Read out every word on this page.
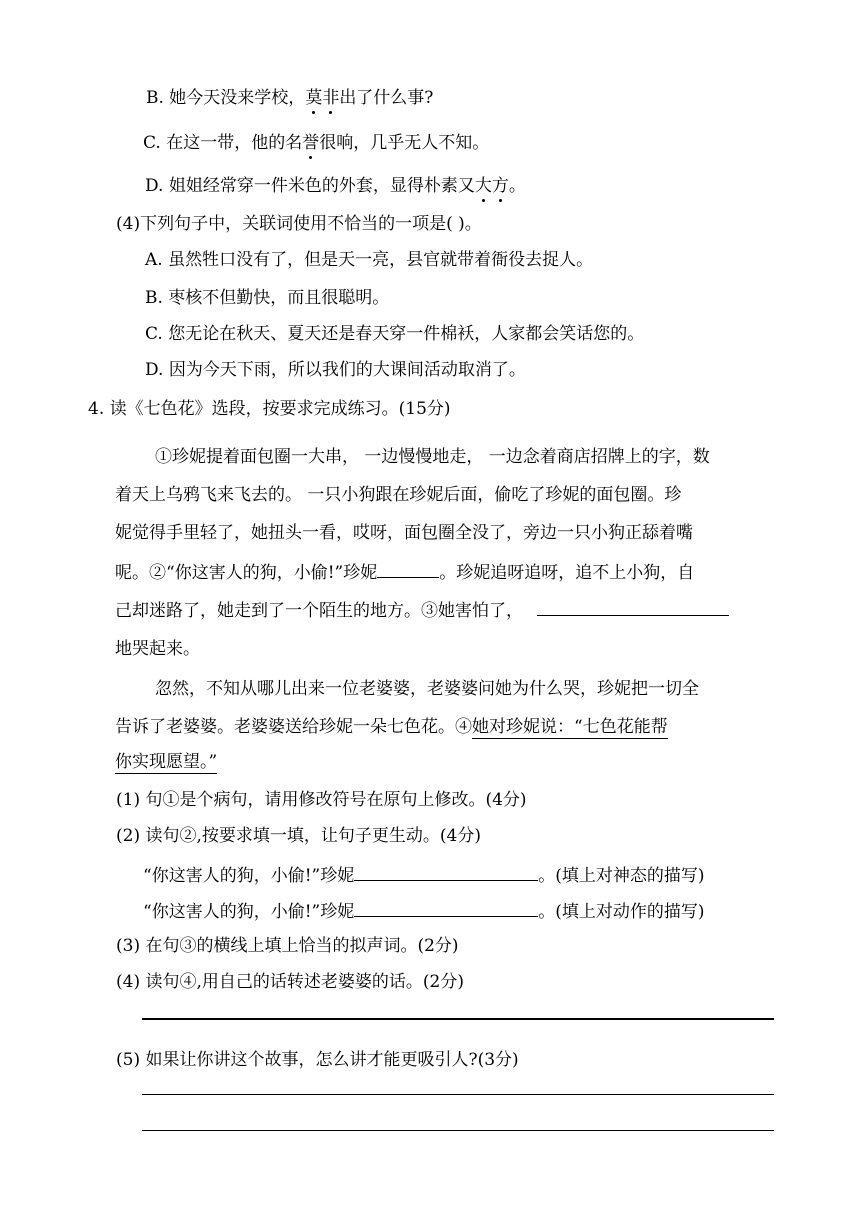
B. 她今天没来学校，莫非出了什么事?
C. 在这一带，他的名誉很响，几乎无人不知。
D. 姐姐经常穿一件米色的外套，显得朴素又大方。
(4)下列句子中，关联词使用不恰当的一项是( )。
A. 虽然牲口没有了，但是天一亮，县官就带着衙役去捉人。
B. 枣核不但勤快，而且很聪明。
C. 您无论在秋天、夏天还是春天穿一件棉袄，人家都会笑话您的。
D. 因为今天下雨，所以我们的大课间活动取消了。
4. 读《七色花》选段，按要求完成练习。(15分)
①珍妮提着面包圈一大串， 一边慢慢地走， 一边念着商店招牌上的字，数
着天上乌鸦飞来飞去的。 一只小狗跟在珍妮后面，偷吃了珍妮的面包圈。珍
妮觉得手里轻了，她扭头一看，哎呀，面包圈全没了，旁边一只小狗正舔着嘴
呢。②“你这害人的狗，小偷!”珍妮	。珍妮追呀追呀，追不上小狗，自
己却迷路了，她走到了一个陌生的地方。③她害怕了，
地哭起来。
忽然，不知从哪儿出来一位老婆婆，老婆婆问她为什么哭，珍妮把一切全
告诉了老婆婆。老婆婆送给珍妮一朵七色花。④她对珍妮说：“七色花能帮
你实现愿望。”
(1) 句①是个病句，请用修改符号在原句上修改。(4分)
(2) 读句②,按要求填一填，让句子更生动。(4分)
“你这害人的狗，小偷!”珍妮	。(填上对神态的描写)
“你这害人的狗，小偷!”珍妮	。(填上对动作的描写)
(3) 在句③的横线上填上恰当的拟声词。(2分)
(4) 读句④,用自己的话转述老婆婆的话。(2分)
(5) 如果让你讲这个故事，怎么讲才能更吸引人?(3分)
